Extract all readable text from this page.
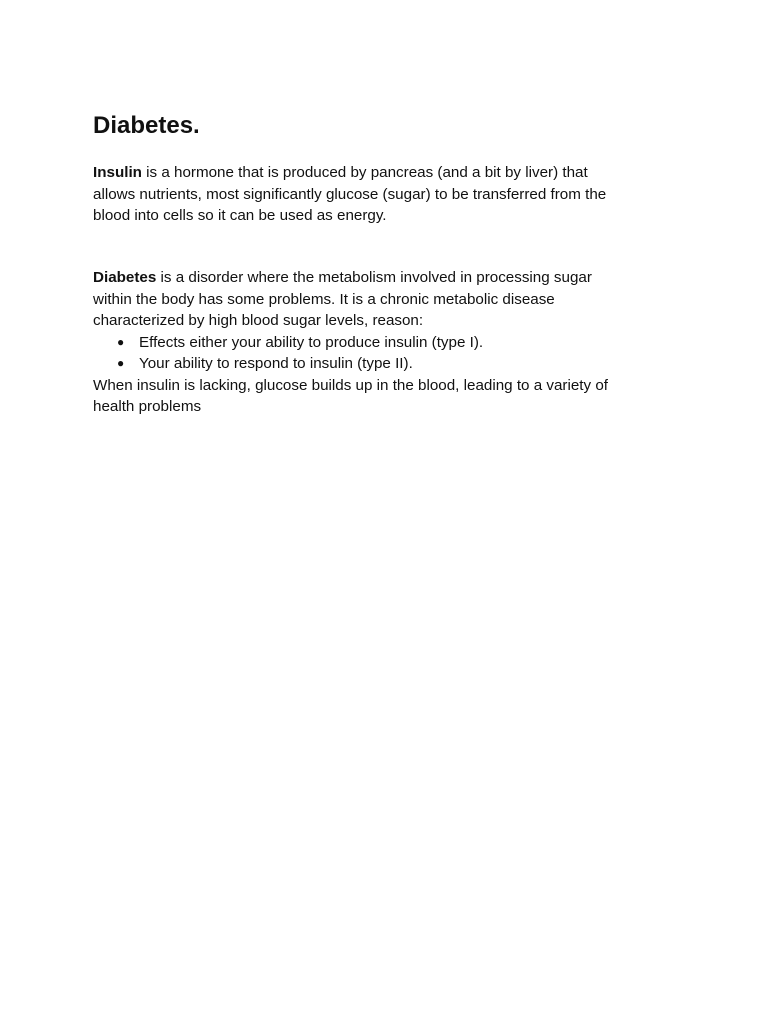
Diabetes.

Insulin is a hormone that is produced by pancreas (and a bit by liver) that
allows nutrients, most significantly glucose (sugar) to be transferred from the
blood into cells so it can be used as energy.

Diabetes is a disorder where the metabolism involved in processing sugar
within the body has some problems. It is a chronic metabolic disease
characterized by high blood sugar levels, reason:

● Effects either your ability to produce insulin (type I).
● Your ability to respond to insulin (type II).

When insulin is lacking, glucose builds up in the blood, leading to a variety of
health problems
